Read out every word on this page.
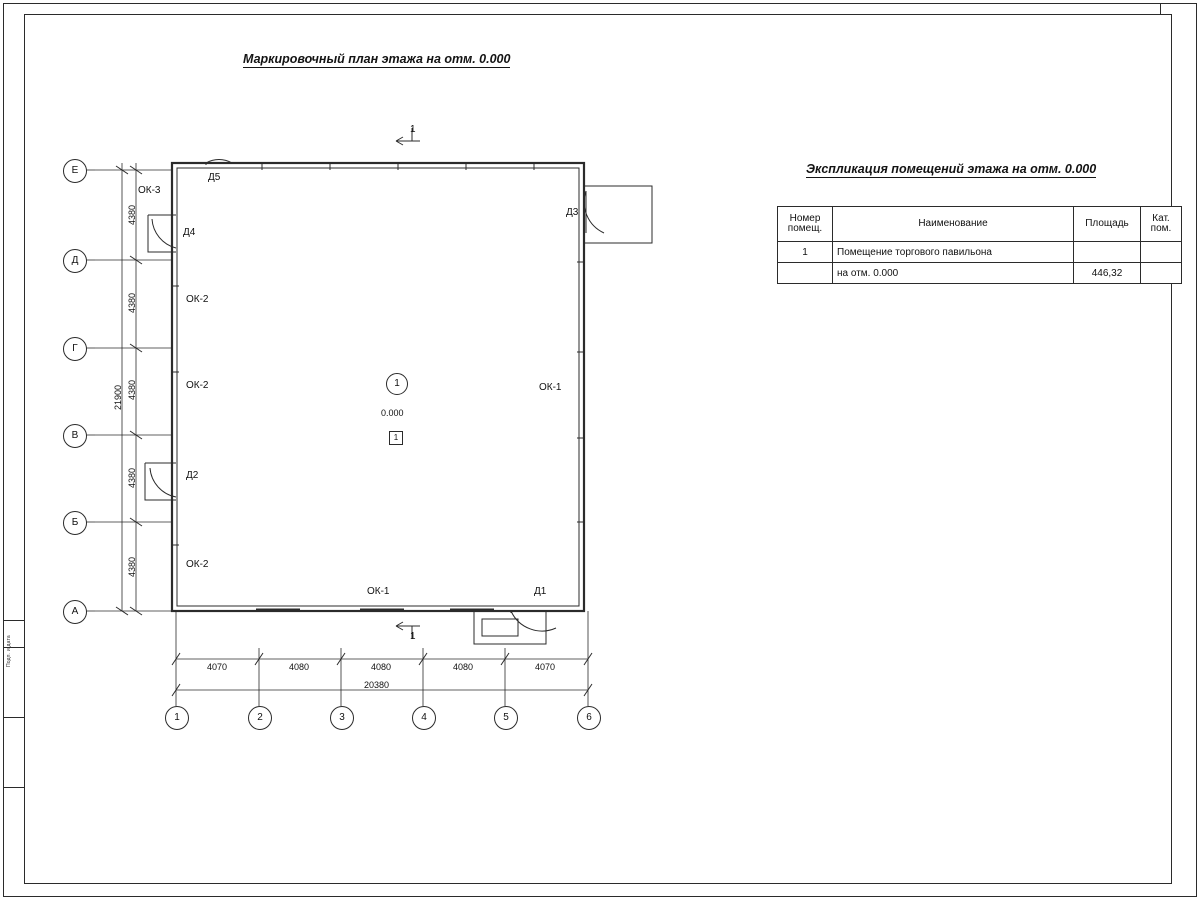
Подп. и дата
Маркировочный план этажа на отм. 0.000
Экспликация помещений этажа на отм. 0.000
Номер
помещ.	Наименование	Площадь	Кат.
пом.
1	Помещение торгового павильона		
	на отм. 0.000	446,32	
Е
Д
Г
В
Б
А
1	2	3	4	5	6
4380
4380
4380
4380
4380
21900
4070	4080	4080	4080	4070
20380
Д5
Д4
Д3
Д2
Д1
ОК-3
ОК-2
ОК-2
ОК-2
ОК-1
ОК-1
1
1
1
0.000
1
